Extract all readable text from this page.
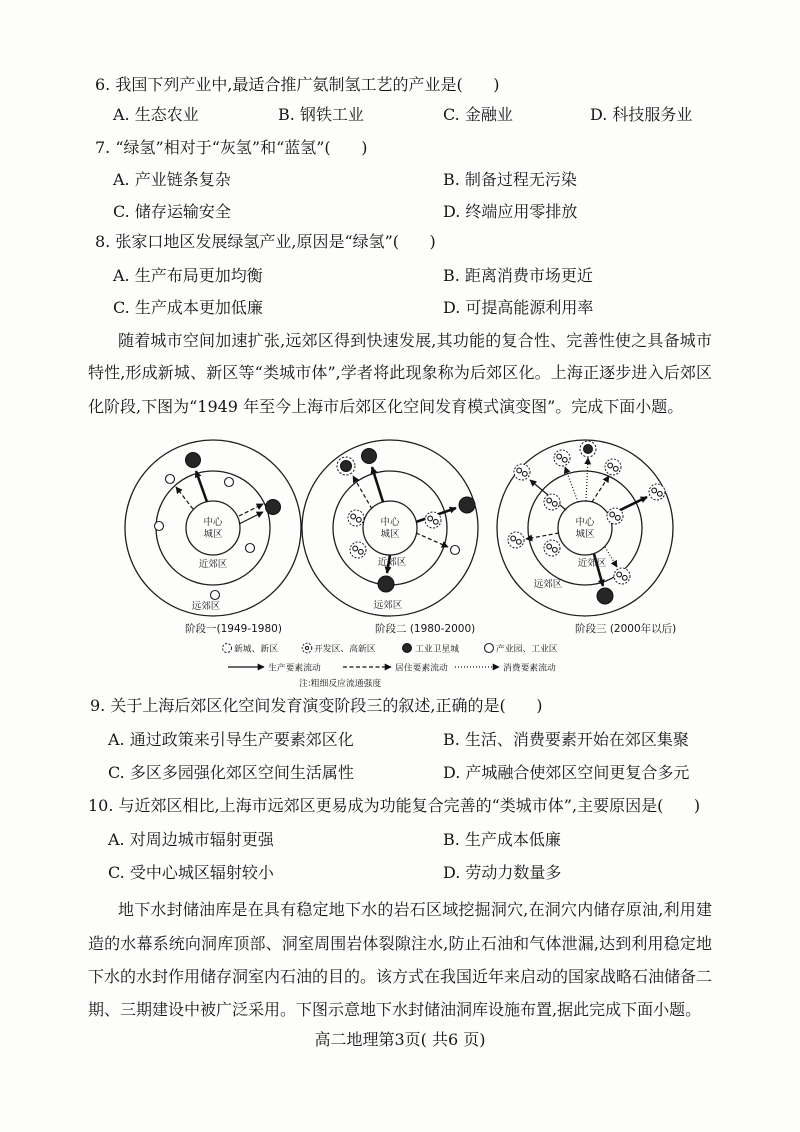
6. 我国下列产业中,最适合推广氨制氢工艺的产业是(      )
A. 生态农业	B. 钢铁工业	C. 金融业	D. 科技服务业
7. “绿氢”相对于“灰氢”和“蓝氢”(      )
A. 产业链条复杂	B. 制备过程无污染
C. 储存运输安全	D. 终端应用零排放
8. 张家口地区发展绿氢产业,原因是“绿氢”(      )
A. 生产布局更加均衡	B. 距离消费市场更近
C. 生产成本更加低廉	D. 可提高能源利用率
随着城市空间加速扩张,远郊区得到快速发展,其功能的复合性、完善性使之具备城市
特性,形成新城、新区等“类城市体”,学者将此现象称为后郊区化。上海正逐步进入后郊区
化阶段,下图为“1949 年至今上海市后郊区化空间发育模式演变图”。完成下面小题。
中心
城区
近郊区
远郊区
中心
城区
近郊区
远郊区
中心
城区
近郊区
远郊区
阶段一(1949-1980)	阶段二 (1980-2000)	阶段三 (2000年以后)
新城、新区	开发区、高新区	工业卫星城	产业园、工业区
生产要素流动	居住要素流动	消费要素流动
注:粗细反应流通强度
9. 关于上海后郊区化空间发育演变阶段三的叙述,正确的是(      )
A. 通过政策来引导生产要素郊区化	B. 生活、消费要素开始在郊区集聚
C. 多区多园强化郊区空间生活属性	D. 产城融合使郊区空间更复合多元
10. 与近郊区相比,上海市远郊区更易成为功能复合完善的“类城市体”,主要原因是(      )
A. 对周边城市辐射更强	B. 生产成本低廉
C. 受中心城区辐射较小	D. 劳动力数量多
地下水封储油库是在具有稳定地下水的岩石区域挖掘洞穴,在洞穴内储存原油,利用建
造的水幕系统向洞库顶部、洞室周围岩体裂隙注水,防止石油和气体泄漏,达到利用稳定地
下水的水封作用储存洞室内石油的目的。该方式在我国近年来启动的国家战略石油储备二
期、三期建设中被广泛采用。下图示意地下水封储油洞库设施布置,据此完成下面小题。
高二地理第3页( 共6 页)
